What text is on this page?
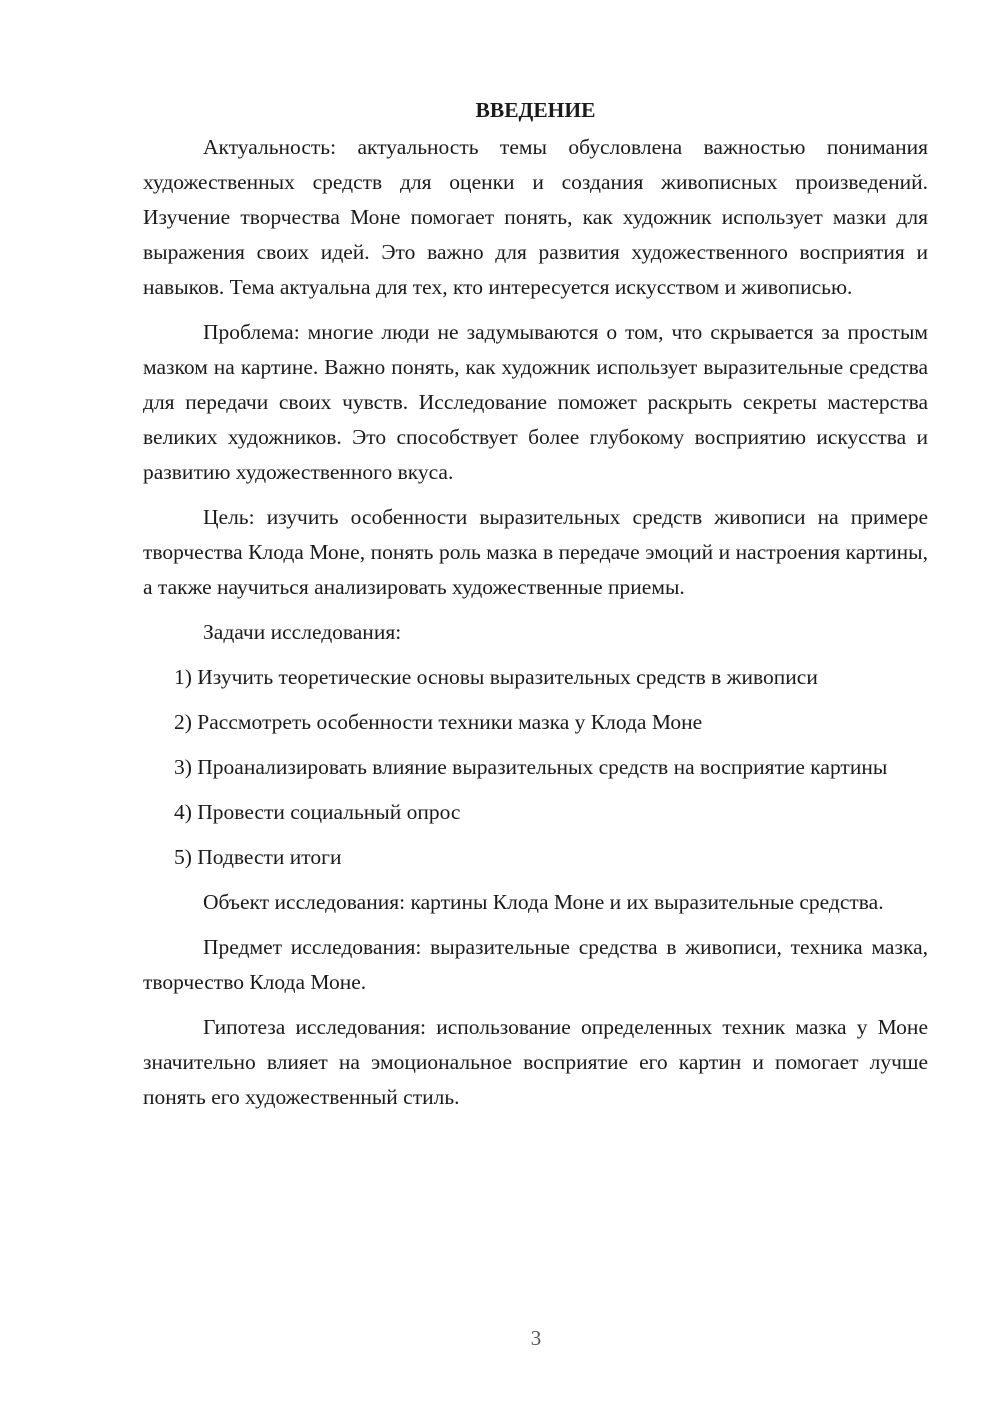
ВВЕДЕНИЕ

Актуальность: актуальность темы обусловлена важностью понимания художественных средств для оценки и создания живописных произведений. Изучение творчества Моне помогает понять, как художник использует мазки для выражения своих идей. Это важно для развития художественного восприятия и навыков. Тема актуальна для тех, кто интересуется искусством и живописью.

Проблема: многие люди не задумываются о том, что скрывается за простым мазком на картине. Важно понять, как художник использует выразительные средства для передачи своих чувств. Исследование поможет раскрыть секреты мастерства великих художников. Это способствует более глубокому восприятию искусства и развитию художественного вкуса.

Цель: изучить особенности выразительных средств живописи на примере творчества Клода Моне, понять роль мазка в передаче эмоций и настроения картины, а также научиться анализировать художественные приемы.

Задачи исследования:

1) Изучить теоретические основы выразительных средств в живописи

2) Рассмотреть особенности техники мазка у Клода Моне

3) Проанализировать влияние выразительных средств на восприятие картины

4) Провести социальный опрос

5) Подвести итоги

Объект исследования: картины Клода Моне и их выразительные средства.

Предмет исследования: выразительные средства в живописи, техника мазка, творчество Клода Моне.

Гипотеза исследования: использование определенных техник мазка у Моне значительно влияет на эмоциональное восприятие его картин и помогает лучше понять его художественный стиль.

3
